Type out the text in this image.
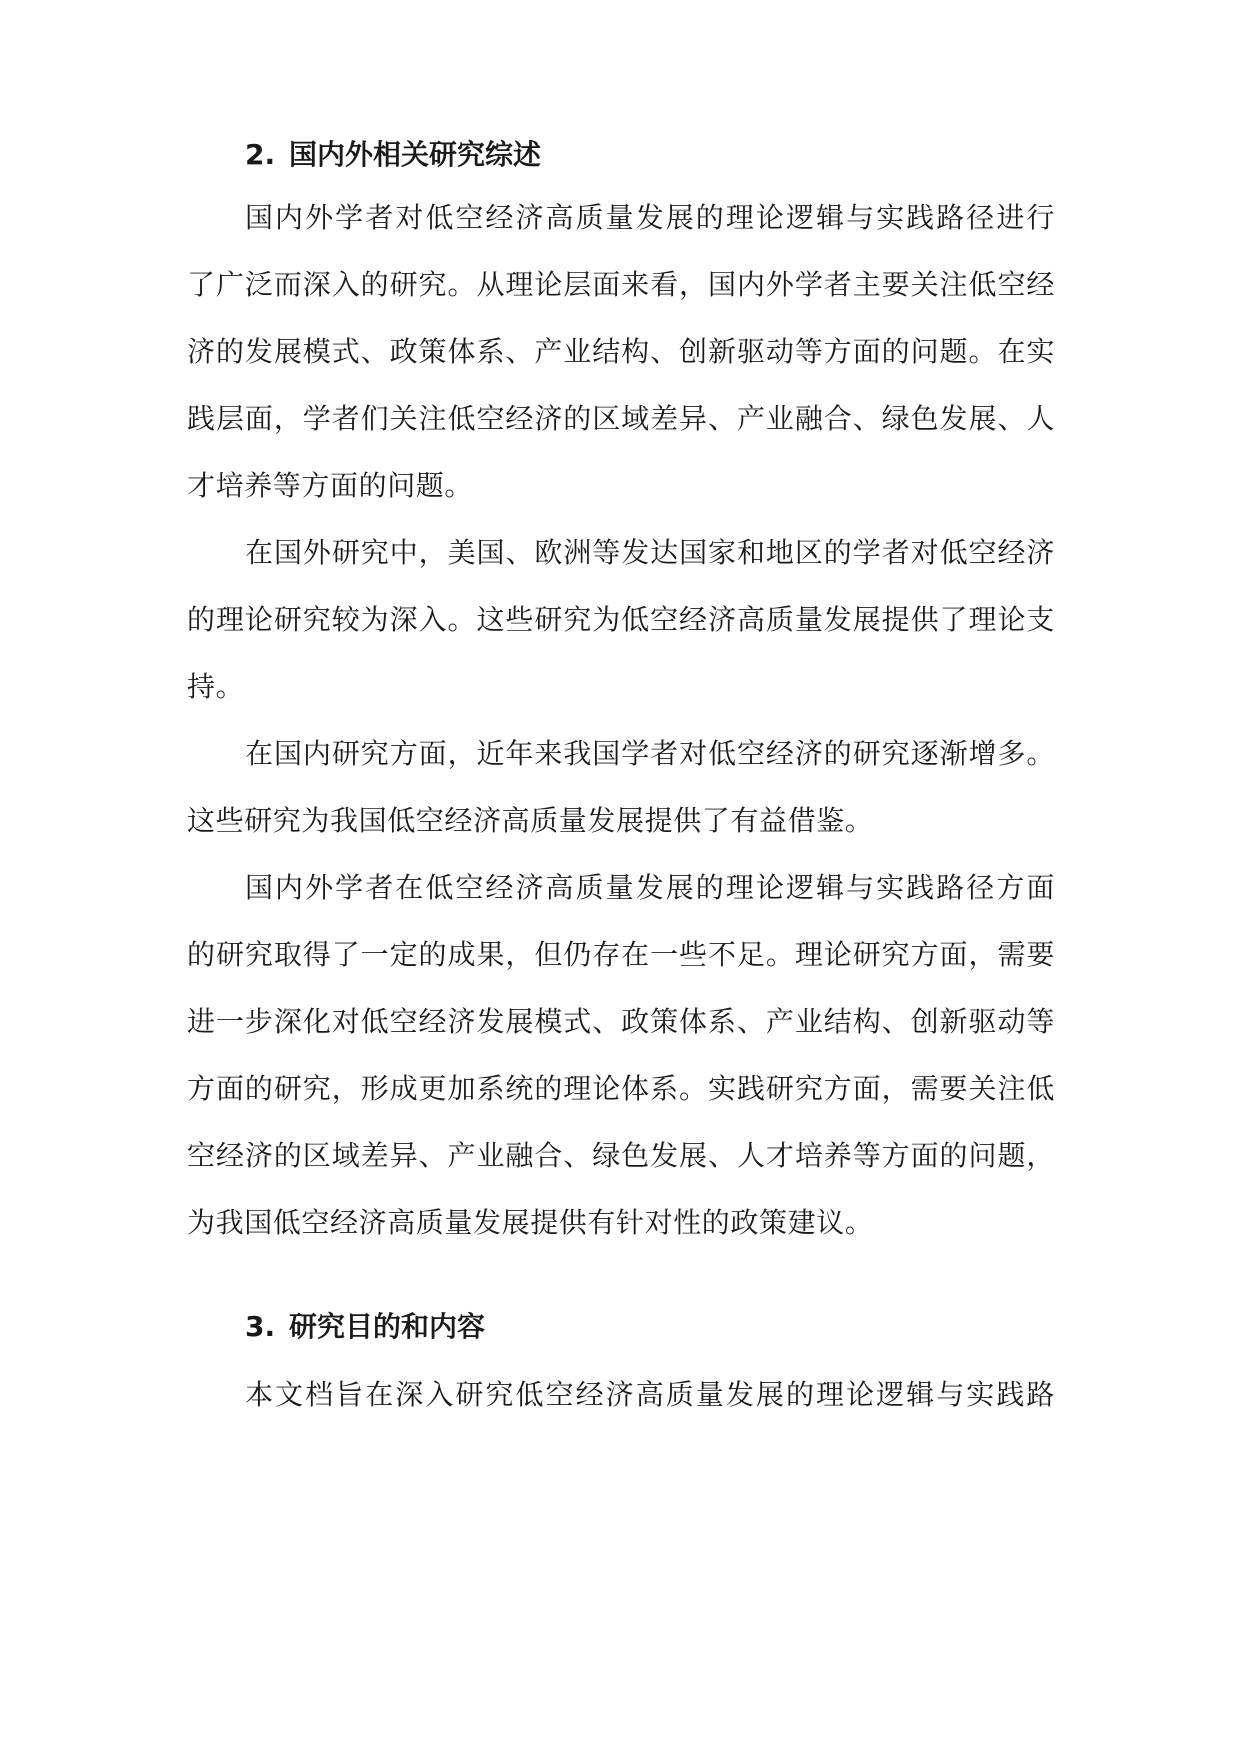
2. 国内外相关研究综述

国内外学者对低空经济高质量发展的理论逻辑与实践路径进行
了广泛而深入的研究。从理论层面来看，国内外学者主要关注低空经
济的发展模式、政策体系、产业结构、创新驱动等方面的问题。在实
践层面，学者们关注低空经济的区域差异、产业融合、绿色发展、人
才培养等方面的问题。

在国外研究中，美国、欧洲等发达国家和地区的学者对低空经济
的理论研究较为深入。这些研究为低空经济高质量发展提供了理论支
持。

在国内研究方面，近年来我国学者对低空经济的研究逐渐增多。
这些研究为我国低空经济高质量发展提供了有益借鉴。

国内外学者在低空经济高质量发展的理论逻辑与实践路径方面
的研究取得了一定的成果，但仍存在一些不足。理论研究方面，需要
进一步深化对低空经济发展模式、政策体系、产业结构、创新驱动等
方面的研究，形成更加系统的理论体系。实践研究方面，需要关注低
空经济的区域差异、产业融合、绿色发展、人才培养等方面的问题，
为我国低空经济高质量发展提供有针对性的政策建议。

3. 研究目的和内容

本文档旨在深入研究低空经济高质量发展的理论逻辑与实践路
